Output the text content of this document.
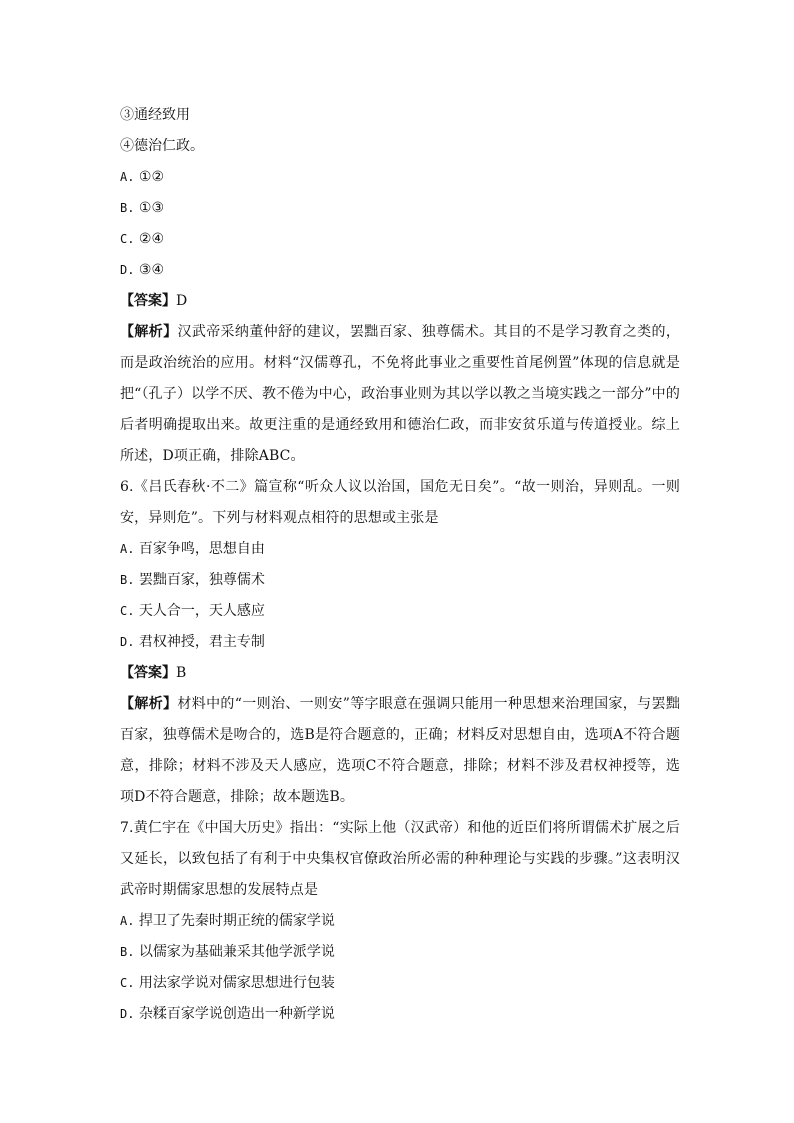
③通经致用
④德治仁政。
A. ①②
B. ①③
C. ②④
D. ③④
【答案】D
【解析】汉武帝采纳董仲舒的建议，罢黜百家、独尊儒术。其目的不是学习教育之类的，而是政治统治的应用。材料“汉儒尊孔，不免将此事业之重要性首尾例置”体现的信息就是把“（孔子）以学不厌、教不倦为中心，政治事业则为其以学以教之当境实践之一部分”中的后者明确提取出来。故更注重的是通经致用和德治仁政，而非安贫乐道与传道授业。综上所述，D项正确，排除ABC。
6.《吕氏春秋·不二》篇宣称“听众人议以治国，国危无日矣”。“故一则治，异则乱。一则安，异则危”。下列与材料观点相符的思想或主张是
A. 百家争鸣，思想自由
B. 罢黜百家，独尊儒术
C. 天人合一，天人感应
D. 君权神授，君主专制
【答案】B
【解析】材料中的“一则治、一则安”等字眼意在强调只能用一种思想来治理国家，与罢黜百家，独尊儒术是吻合的，选B是符合题意的，正确；材料反对思想自由，选项A不符合题意，排除；材料不涉及天人感应，选项C不符合题意，排除；材料不涉及君权神授等，选项D不符合题意，排除；故本题选B。
7.黄仁宇在《中国大历史》指出：“实际上他（汉武帝）和他的近臣们将所谓儒术扩展之后又延长，以致包括了有利于中央集权官僚政治所必需的种种理论与实践的步骤。”这表明汉武帝时期儒家思想的发展特点是
A. 捍卫了先秦时期正统的儒家学说
B. 以儒家为基础兼采其他学派学说
C. 用法家学说对儒家思想进行包装
D. 杂糅百家学说创造出一种新学说
